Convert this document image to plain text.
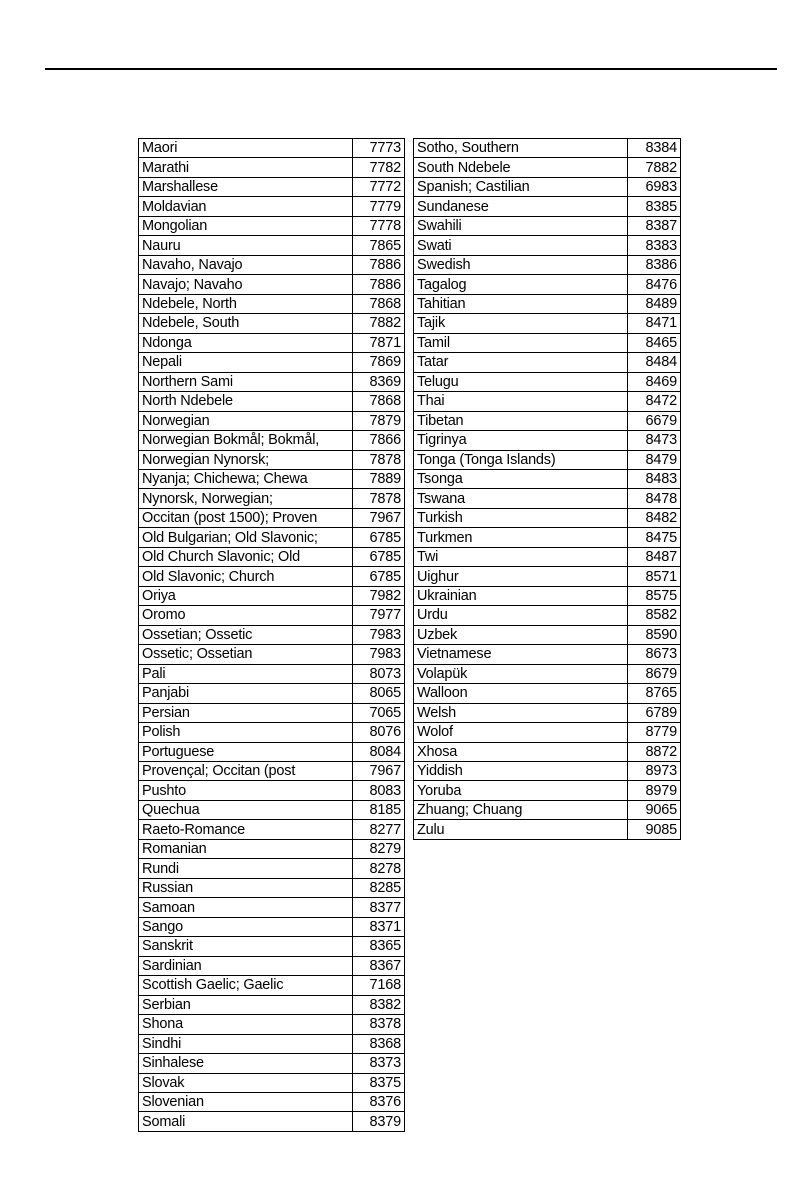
Maori	7773
Marathi	7782
Marshallese	7772
Moldavian	7779
Mongolian	7778
Nauru	7865
Navaho, Navajo	7886
Navajo; Navaho	7886
Ndebele, North	7868
Ndebele, South	7882
Ndonga	7871
Nepali	7869
Northern Sami	8369
North Ndebele	7868
Norwegian	7879
Norwegian Bokmål; Bokmål,	7866
Norwegian Nynorsk;	7878
Nyanja; Chichewa; Chewa	7889
Nynorsk, Norwegian;	7878
Occitan (post 1500); Proven	7967
Old Bulgarian; Old Slavonic;	6785
Old Church Slavonic; Old	6785
Old Slavonic; Church	6785
Oriya	7982
Oromo	7977
Ossetian; Ossetic	7983
Ossetic; Ossetian	7983
Pali	8073
Panjabi	8065
Persian	7065
Polish	8076
Portuguese	8084
Provençal; Occitan (post	7967
Pushto	8083
Quechua	8185
Raeto-Romance	8277
Romanian	8279
Rundi	8278
Russian	8285
Samoan	8377
Sango	8371
Sanskrit	8365
Sardinian	8367
Scottish Gaelic; Gaelic	7168
Serbian	8382
Shona	8378
Sindhi	8368
Sinhalese	8373
Slovak	8375
Slovenian	8376
Somali	8379
Sotho, Southern	8384
South Ndebele	7882
Spanish; Castilian	6983
Sundanese	8385
Swahili	8387
Swati	8383
Swedish	8386
Tagalog	8476
Tahitian	8489
Tajik	8471
Tamil	8465
Tatar	8484
Telugu	8469
Thai	8472
Tibetan	6679
Tigrinya	8473
Tonga (Tonga Islands)	8479
Tsonga	8483
Tswana	8478
Turkish	8482
Turkmen	8475
Twi	8487
Uighur	8571
Ukrainian	8575
Urdu	8582
Uzbek	8590
Vietnamese	8673
Volapük	8679
Walloon	8765
Welsh	6789
Wolof	8779
Xhosa	8872
Yiddish	8973
Yoruba	8979
Zhuang; Chuang	9065
Zulu	9085
